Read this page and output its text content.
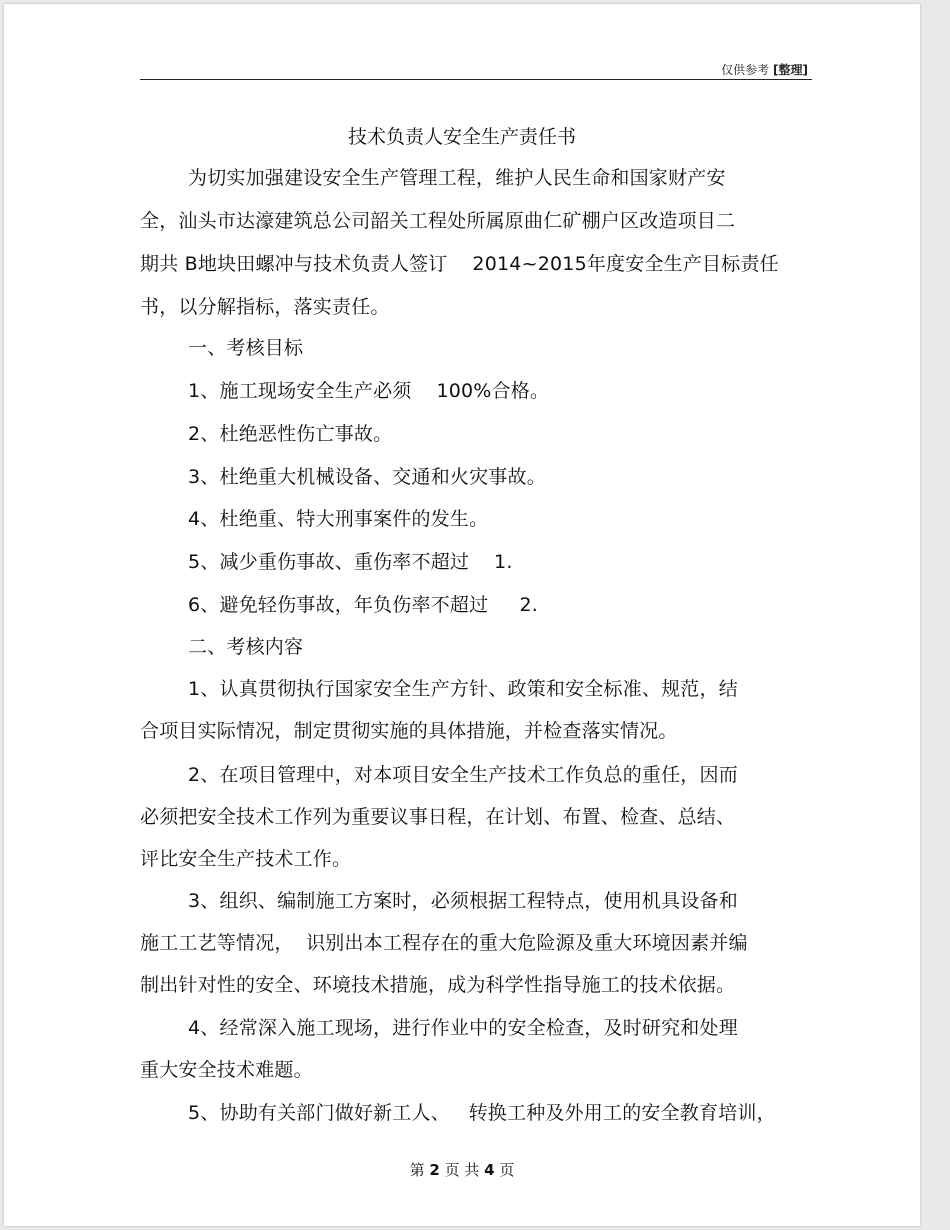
仅供参考 [整理]
技术负责人安全生产责任书
为切实加强建设安全生产管理工程，维护人民生命和国家财产安
全，汕头市达濠建筑总公司韶关工程处所属原曲仁矿棚户区改造项目二
期共 B地块田螺冲与技术负责人签订    2014~2015年度安全生产目标责任
书，以分解指标，落实责任。
一、考核目标
1、施工现场安全生产必须    100%合格。
2、杜绝恶性伤亡事故。
3、杜绝重大机械设备、交通和火灾事故。
4、杜绝重、特大刑事案件的发生。
5、减少重伤事故、重伤率不超过    1.
6、避免轻伤事故，年负伤率不超过     2.
二、考核内容
1、认真贯彻执行国家安全生产方针、政策和安全标准、规范，结
合项目实际情况，制定贯彻实施的具体措施，并检查落实情况。
2、在项目管理中，对本项目安全生产技术工作负总的重任，因而
必须把安全技术工作列为重要议事日程，在计划、布置、检查、总结、
评比安全生产技术工作。
3、组织、编制施工方案时，必须根据工程特点，使用机具设备和
施工工艺等情况，  识别出本工程存在的重大危险源及重大环境因素并编
制出针对性的安全、环境技术措施，成为科学性指导施工的技术依据。
4、经常深入施工现场，进行作业中的安全检查，及时研究和处理
重大安全技术难题。
5、协助有关部门做好新工人、   转换工种及外用工的安全教育培训，
第 2 页 共 4 页
